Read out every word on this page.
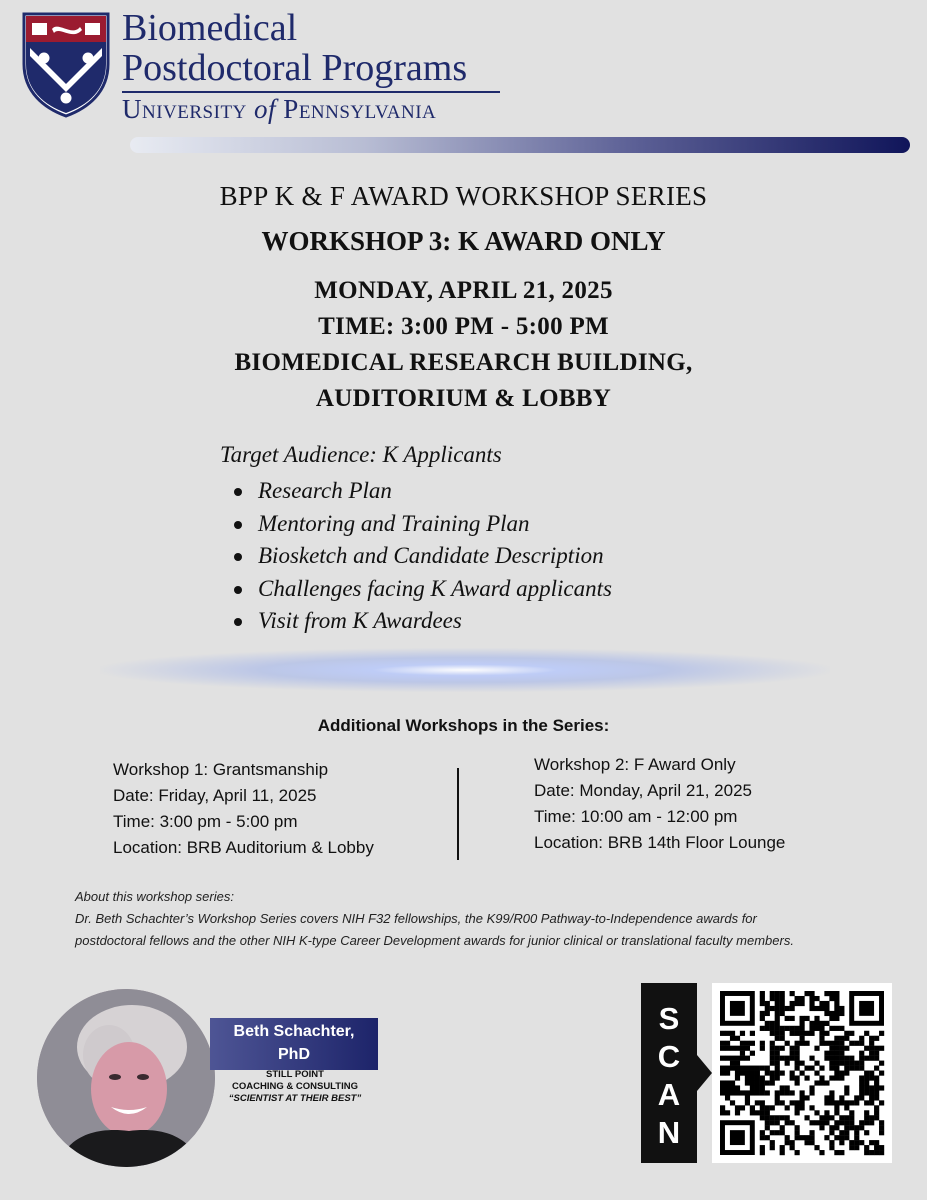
Biomedical
Postdoctoral Programs
University of Pennsylvania
BPP K & F AWARD WORKSHOP SERIES
WORKSHOP 3: K AWARD ONLY
MONDAY, APRIL 21, 2025
TIME: 3:00 PM - 5:00 PM
BIOMEDICAL RESEARCH BUILDING,
AUDITORIUM & LOBBY
Target Audience: K Applicants
Research Plan
Mentoring and Training Plan
Biosketch and Candidate Description
Challenges facing K Award applicants
Visit from K Awardees
Additional Workshops in the Series:
Workshop 1: Grantsmanship
Date: Friday, April 11, 2025
Time: 3:00 pm - 5:00 pm
Location: BRB Auditorium & Lobby
Workshop 2: F Award Only
Date: Monday, April 21, 2025
Time: 10:00 am - 12:00 pm
Location: BRB 14th Floor Lounge
About this workshop series:
Dr. Beth Schachter’s Workshop Series covers NIH F32 fellowships, the K99/R00 Pathway-to-Independence awards for
postdoctoral fellows and the other NIH K-type Career Development awards for junior clinical or translational faculty members.
Beth Schachter,
PhD
STILL POINT
COACHING & CONSULTING
“SCIENTIST AT THEIR BEST”
S
C
A
N
